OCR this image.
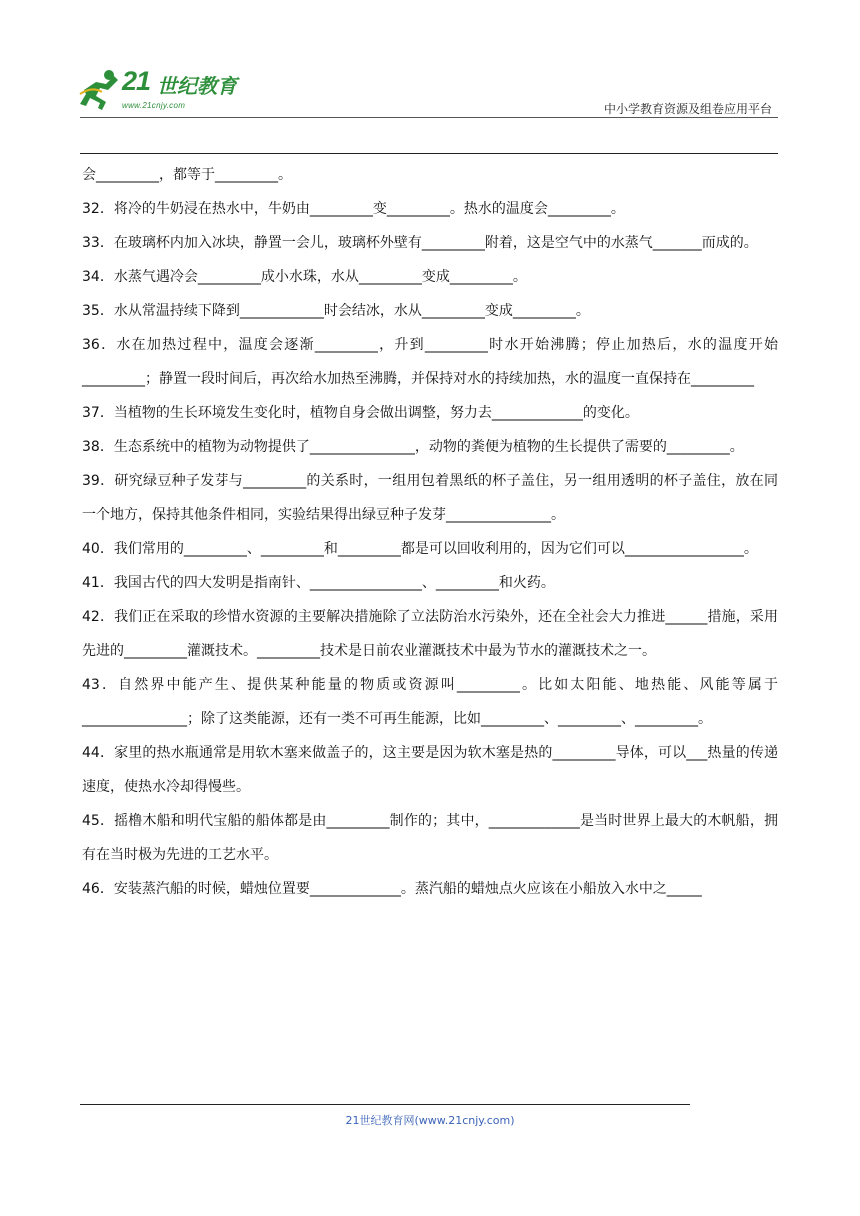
21 世纪教育
www.21cnjy.com	中小学教育资源及组卷应用平台

会_________，都等于_________。

32．将冷的牛奶浸在热水中，牛奶由_________变_________。热水的温度会_________。

33．在玻璃杯内加入冰块，静置一会儿，玻璃杯外壁有_________附着，这是空气中的水蒸气_______而成的。

34．水蒸气遇冷会_________成小水珠，水从_________变成_________。

35．水从常温持续下降到____________时会结冰，水从_________变成_________。

36．水在加热过程中，温度会逐渐_________，升到_________时水开始沸腾；停止加热后，水的温度开始_________；静置一段时间后，再次给水加热至沸腾，并保持对水的持续加热，水的温度一直保持在_________

37．当植物的生长环境发生变化时，植物自身会做出调整，努力去_____________的变化。

38．生态系统中的植物为动物提供了_______________，动物的粪便为植物的生长提供了需要的_________。

39．研究绿豆种子发芽与_________的关系时，一组用包着黑纸的杯子盖住，另一组用透明的杯子盖住，放在同一个地方，保持其他条件相同，实验结果得出绿豆种子发芽_______________。

40．我们常用的_________、_________和_________都是可以回收利用的，因为它们可以_________________。

41．我国古代的四大发明是指南针、________________、_________和火药。

42．我们正在采取的珍惜水资源的主要解决措施除了立法防治水污染外，还在全社会大力推进______措施，采用先进的_________灌溉技术。_________技术是日前农业灌溉技术中最为节水的灌溉技术之一。

43．自然界中能产生、提供某种能量的物质或资源叫_________。比如太阳能、地热能、风能等属于_______________；除了这类能源，还有一类不可再生能源，比如_________、_________、_________。

44．家里的热水瓶通常是用软木塞来做盖子的，这主要是因为软木塞是热的_________导体，可以___热量的传递速度，使热水冷却得慢些。

45．摇橹木船和明代宝船的船体都是由_________制作的；其中，_____________是当时世界上最大的木帆船，拥有在当时极为先进的工艺水平。

46．安装蒸汽船的时候，蜡烛位置要_____________。蒸汽船的蜡烛点火应该在小船放入水中之_____

21世纪教育网(www.21cnjy.com)
